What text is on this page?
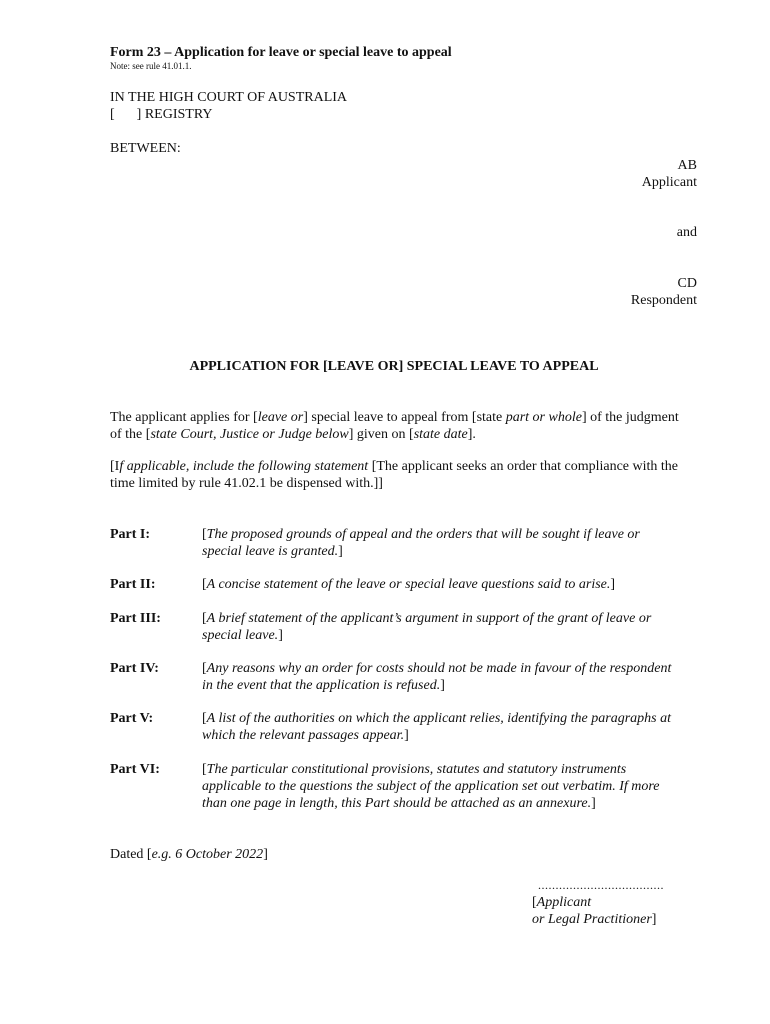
Form 23 – Application for leave or special leave to appeal
Note: see rule 41.01.1.
IN THE HIGH COURT OF AUSTRALIA
[ ] REGISTRY
BETWEEN:
AB
Applicant
and
CD
Respondent
APPLICATION FOR [LEAVE OR] SPECIAL LEAVE TO APPEAL
The applicant applies for [leave or] special leave to appeal from [state part or whole] of the judgment of the [state Court, Justice or Judge below] given on [state date].
[If applicable, include the following statement [The applicant seeks an order that compliance with the time limited by rule 41.02.1 be dispensed with.]]
Part I:	[The proposed grounds of appeal and the orders that will be sought if leave or special leave is granted.]
Part II:	[A concise statement of the leave or special leave questions said to arise.]
Part III:	[A brief statement of the applicant’s argument in support of the grant of leave or special leave.]
Part IV:	[Any reasons why an order for costs should not be made in favour of the respondent in the event that the application is refused.]
Part V:	[A list of the authorities on which the applicant relies, identifying the paragraphs at which the relevant passages appear.]
Part VI:	[The particular constitutional provisions, statutes and statutory instruments applicable to the questions the subject of the application set out verbatim. If more than one page in length, this Part should be attached as an annexure.]
Dated [e.g. 6 October 2022]
....................................
[Applicant
or Legal Practitioner]
